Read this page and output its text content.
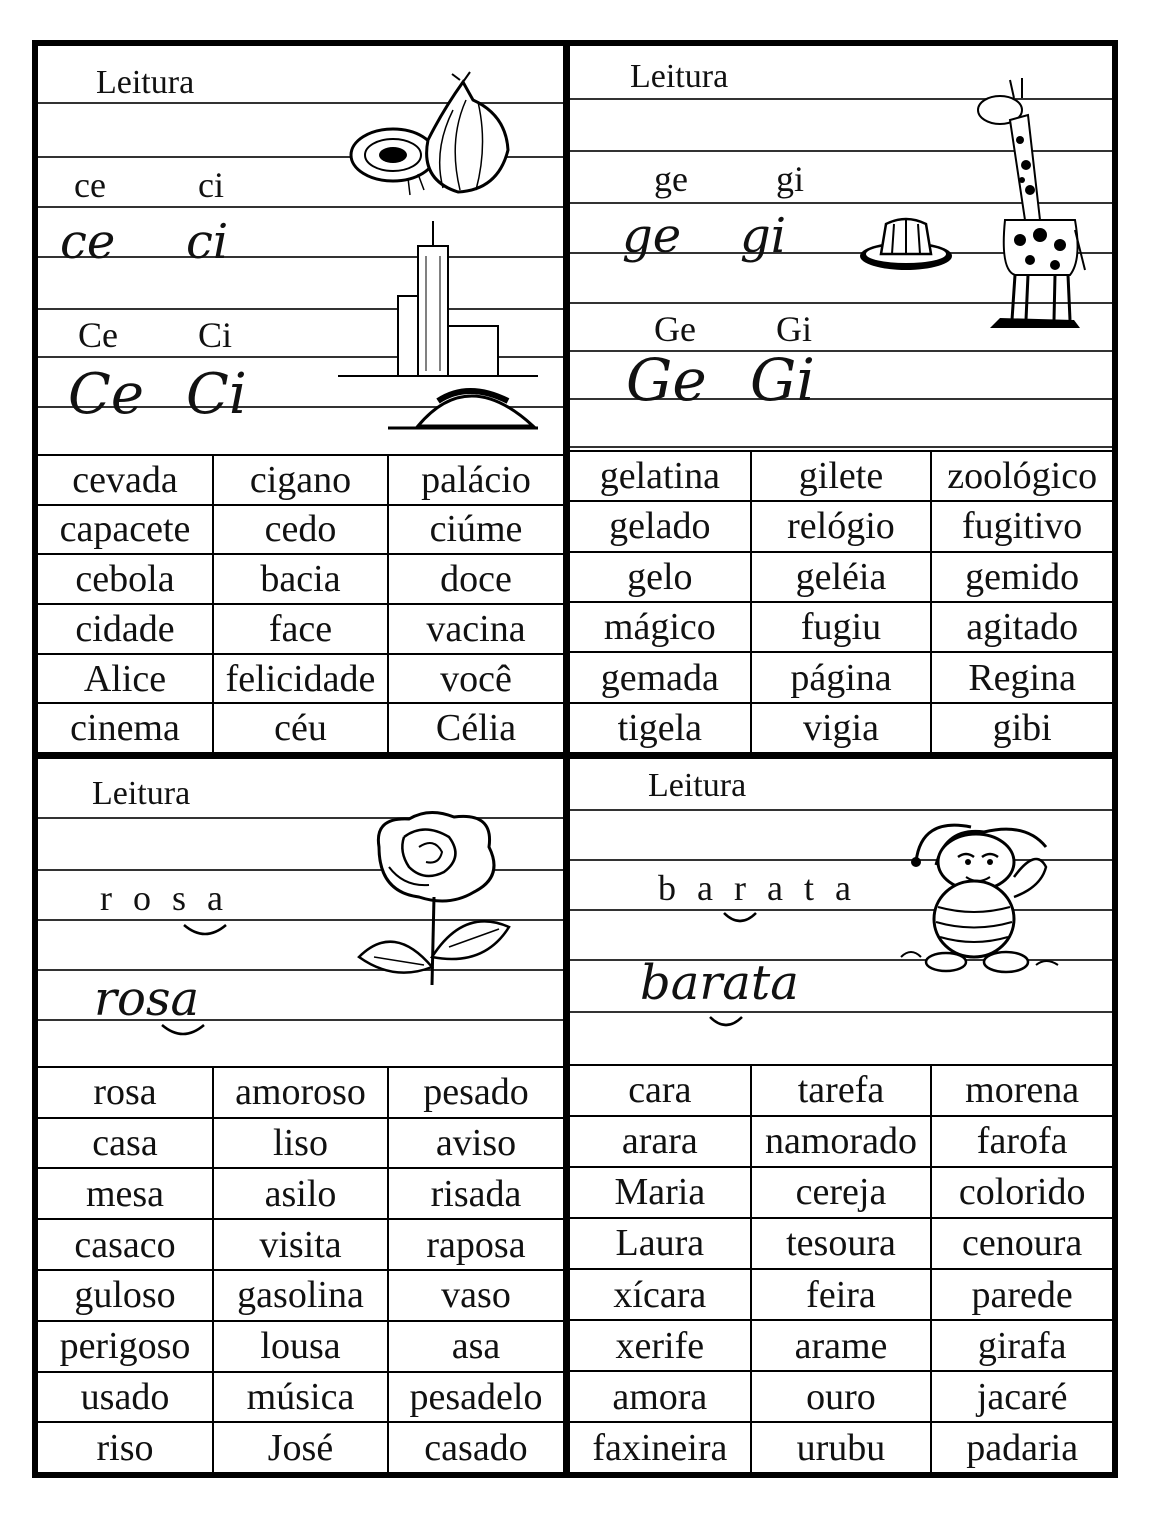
Leitura
ce	ci
ce ci
Ce Ci
Ce Ci
cevada	cigano	palácio
capacete	cedo	ciúme
cebola	bacia	doce
cidade	face	vacina
Alice	felicidade	você
cinema	céu	Célia
Leitura
ge gi
ge gi
Ge Gi
Ge Gi
gelatina	gilete	zoológico
gelado	relógio	fugitivo
gelo	geléia	gemido
mágico	fugiu	agitado
gemada	página	Regina
tigela	vigia	gibi
Leitura
r o s a
rosa
rosa	amoroso	pesado
casa	liso	aviso
mesa	asilo	risada
casaco	visita	raposa
guloso	gasolina	vaso
perigoso	lousa	asa
usado	música	pesadelo
riso	José	casado
Leitura
b a r a t a
barata
cara	tarefa	morena
arara	namorado	farofa
Maria	cereja	colorido
Laura	tesoura	cenoura
xícara	feira	parede
xerife	arame	girafa
amora	ouro	jacaré
faxineira	urubu	padaria
